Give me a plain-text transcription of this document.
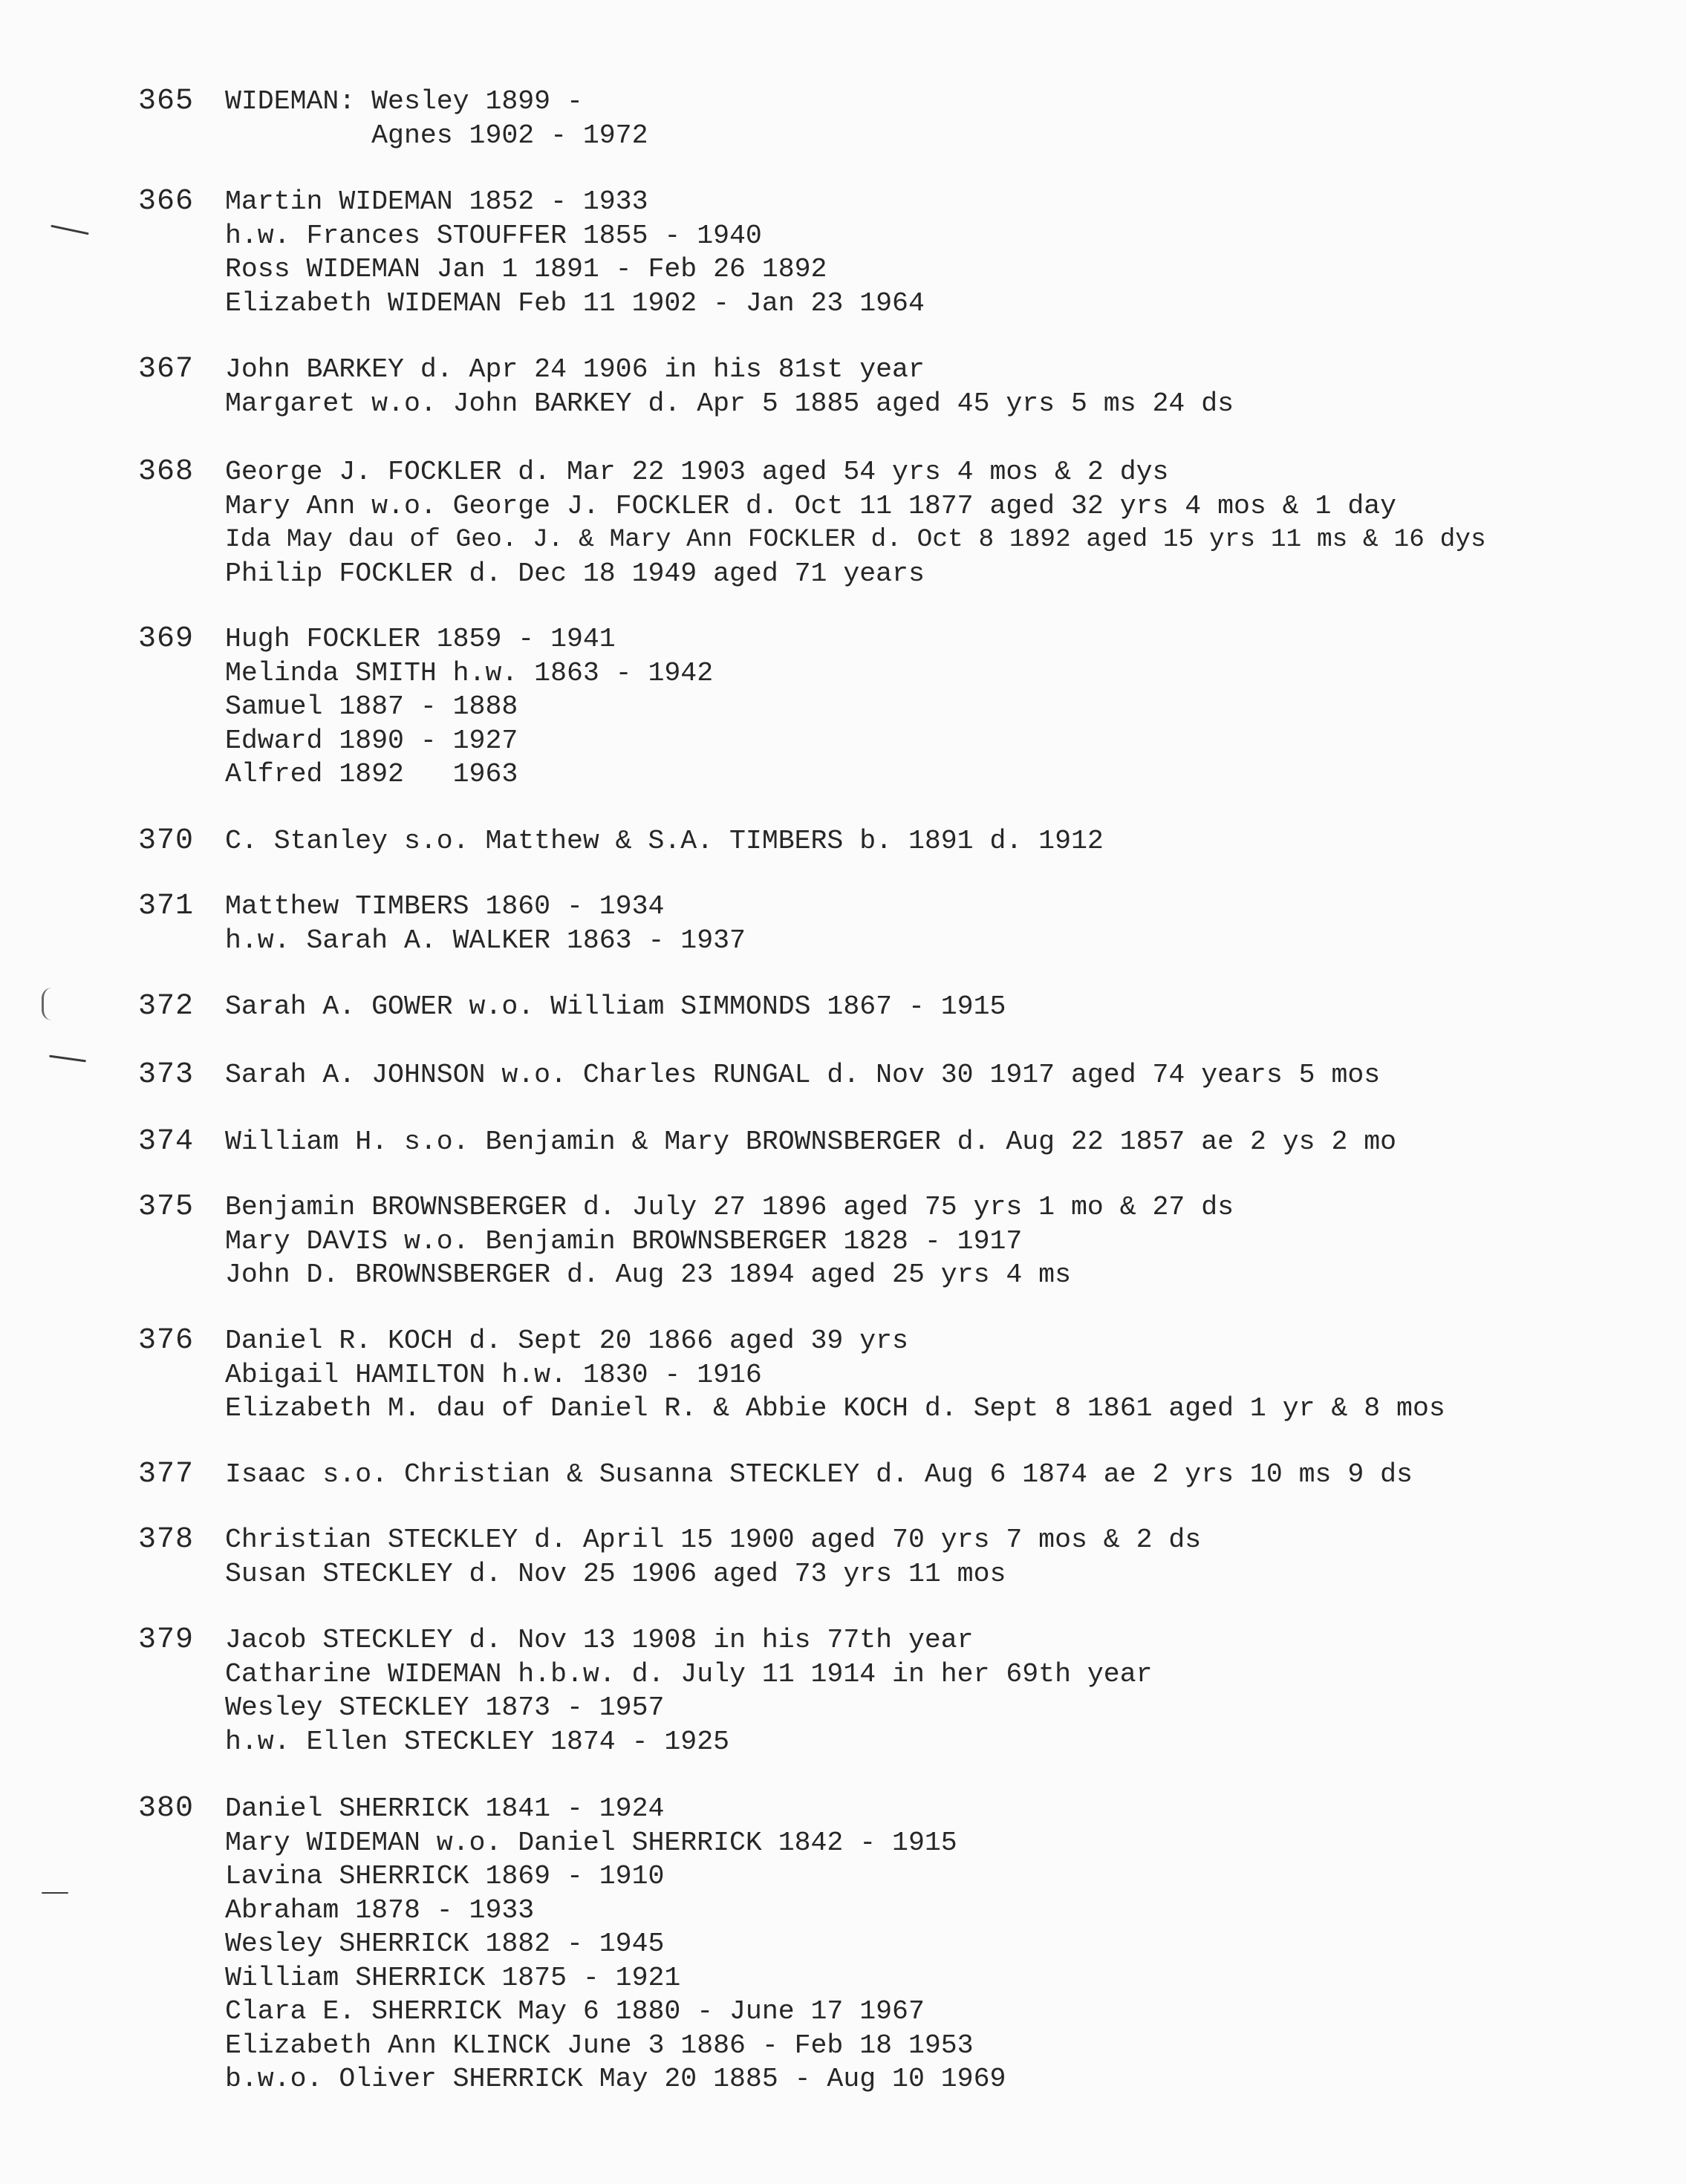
365	WIDEMAN: Wesley 1899 -
Agnes 1902 - 1972
366	Martin WIDEMAN 1852 - 1933
h.w. Frances STOUFFER 1855 - 1940
Ross WIDEMAN Jan 1 1891 - Feb 26 1892
Elizabeth WIDEMAN Feb 11 1902 - Jan 23 1964
367	John BARKEY d. Apr 24 1906 in his 81st year
Margaret w.o. John BARKEY d. Apr 5 1885 aged 45 yrs 5 ms 24 ds
368	George J. FOCKLER d. Mar 22 1903 aged 54 yrs 4 mos & 2 dys
Mary Ann w.o. George J. FOCKLER d. Oct 11 1877 aged 32 yrs 4 mos & 1 day
Ida May dau of Geo. J. & Mary Ann FOCKLER d. Oct 8 1892 aged 15 yrs 11 ms & 16 dys
Philip FOCKLER d. Dec 18 1949 aged 71 years
369	Hugh FOCKLER 1859 - 1941
Melinda SMITH h.w. 1863 - 1942
Samuel 1887 - 1888
Edward 1890 - 1927
Alfred 1892   1963
370	C. Stanley s.o. Matthew & S.A. TIMBERS b. 1891 d. 1912
371	Matthew TIMBERS 1860 - 1934
h.w. Sarah A. WALKER 1863 - 1937
372	Sarah A. GOWER w.o. William SIMMONDS 1867 - 1915
373	Sarah A. JOHNSON w.o. Charles RUNGAL d. Nov 30 1917 aged 74 years 5 mos
374	William H. s.o. Benjamin & Mary BROWNSBERGER d. Aug 22 1857 ae 2 ys 2 mo
375	Benjamin BROWNSBERGER d. July 27 1896 aged 75 yrs 1 mo & 27 ds
Mary DAVIS w.o. Benjamin BROWNSBERGER 1828 - 1917
John D. BROWNSBERGER d. Aug 23 1894 aged 25 yrs 4 ms
376	Daniel R. KOCH d. Sept 20 1866 aged 39 yrs
Abigail HAMILTON h.w. 1830 - 1916
Elizabeth M. dau of Daniel R. & Abbie KOCH d. Sept 8 1861 aged 1 yr & 8 mos
377	Isaac s.o. Christian & Susanna STECKLEY d. Aug 6 1874 ae 2 yrs 10 ms 9 ds
378	Christian STECKLEY d. April 15 1900 aged 70 yrs 7 mos & 2 ds
Susan STECKLEY d. Nov 25 1906 aged 73 yrs 11 mos
379	Jacob STECKLEY d. Nov 13 1908 in his 77th year
Catharine WIDEMAN h.b.w. d. July 11 1914 in her 69th year
Wesley STECKLEY 1873 - 1957
h.w. Ellen STECKLEY 1874 - 1925
380	Daniel SHERRICK 1841 - 1924
Mary WIDEMAN w.o. Daniel SHERRICK 1842 - 1915
Lavina SHERRICK 1869 - 1910
Abraham 1878 - 1933
Wesley SHERRICK 1882 - 1945
William SHERRICK 1875 - 1921
Clara E. SHERRICK May 6 1880 - June 17 1967
Elizabeth Ann KLINCK June 3 1886 - Feb 18 1953
b.w.o. Oliver SHERRICK May 20 1885 - Aug 10 1969
